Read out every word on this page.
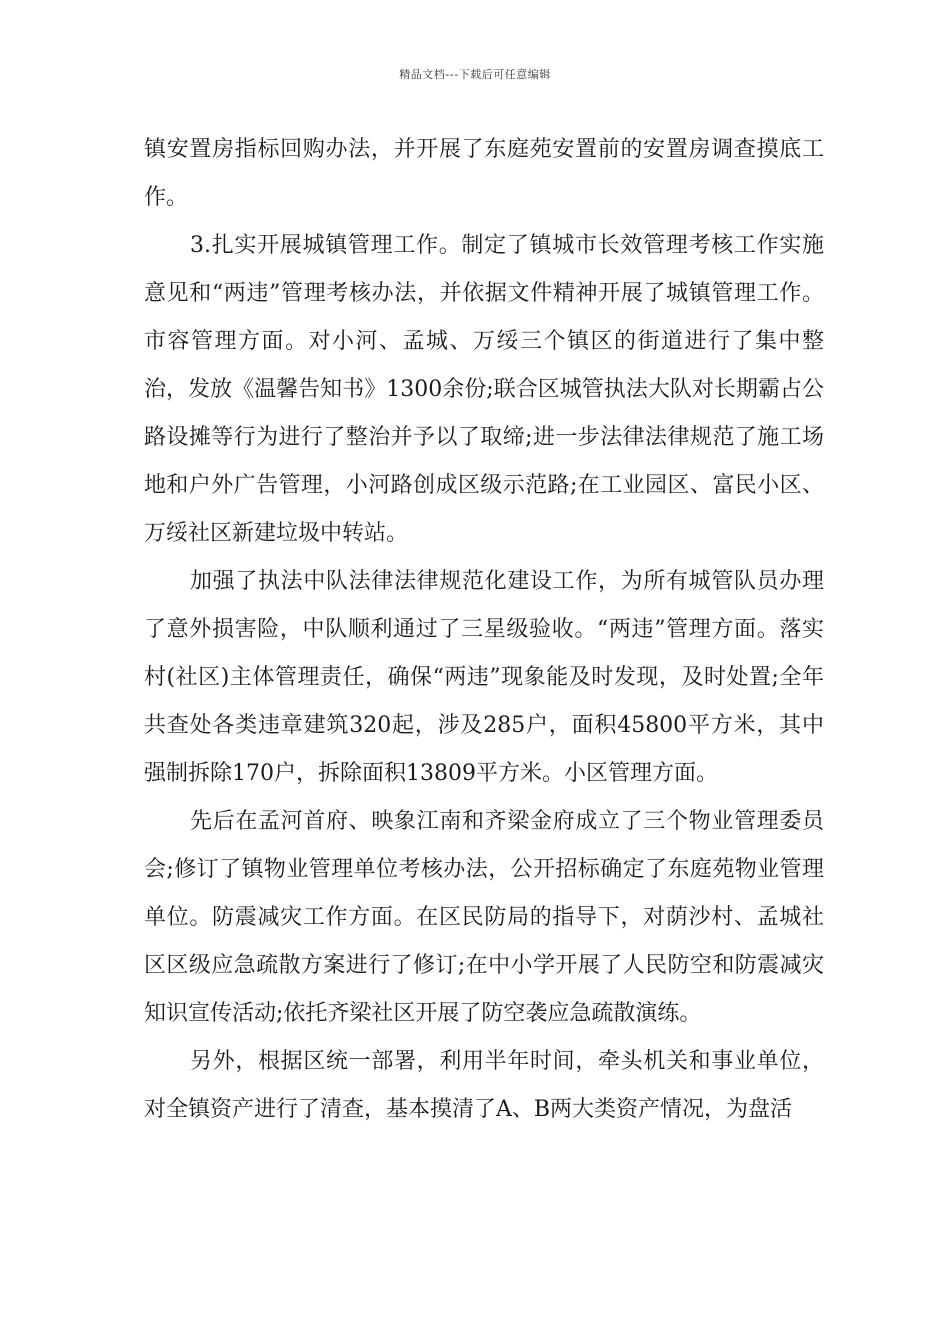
精品文档---下载后可任意编辑

镇安置房指标回购办法，并开展了东庭苑安置前的安置房调查摸底工作。

3.扎实开展城镇管理工作。制定了镇城市长效管理考核工作实施意见和“两违”管理考核办法，并依据文件精神开展了城镇管理工作。市容管理方面。对小河、孟城、万绥三个镇区的街道进行了集中整治，发放《温馨告知书》1300余份;联合区城管执法大队对长期霸占公路设摊等行为进行了整治并予以了取缔;进一步法律法律规范了施工场地和户外广告管理，小河路创成区级示范路;在工业园区、富民小区、万绥社区新建垃圾中转站。

加强了执法中队法律法律规范化建设工作，为所有城管队员办理了意外损害险，中队顺利通过了三星级验收。“两违”管理方面。落实村(社区)主体管理责任，确保“两违”现象能及时发现，及时处置;全年共查处各类违章建筑320起，涉及285户，面积45800平方米，其中强制拆除170户，拆除面积13809平方米。小区管理方面。

先后在孟河首府、映象江南和齐梁金府成立了三个物业管理委员会;修订了镇物业管理单位考核办法，公开招标确定了东庭苑物业管理单位。防震减灾工作方面。在区民防局的指导下，对荫沙村、孟城社区区级应急疏散方案进行了修订;在中小学开展了人民防空和防震减灾知识宣传活动;依托齐梁社区开展了防空袭应急疏散演练。

另外，根据区统一部署，利用半年时间，牵头机关和事业单位，对全镇资产进行了清查，基本摸清了A、B两大类资产情况，为盘活
